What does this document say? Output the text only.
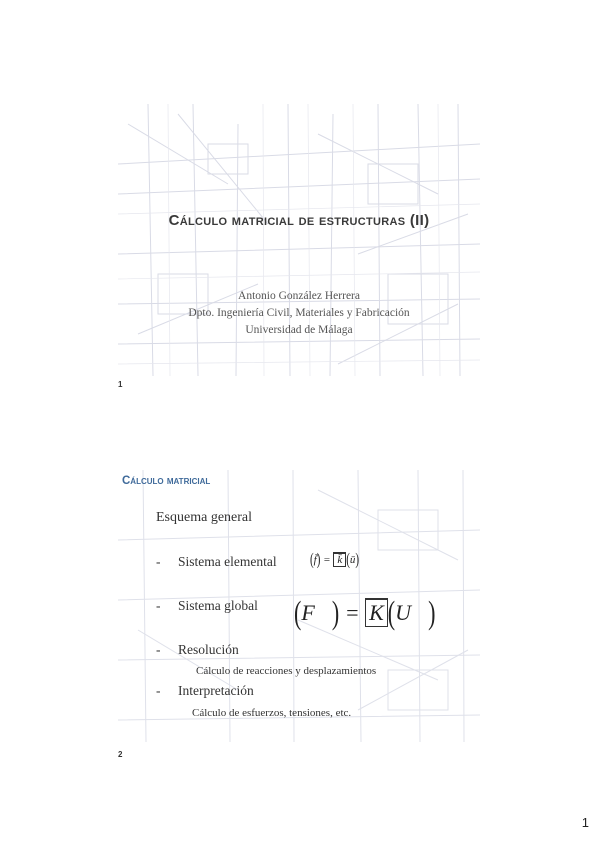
Cálculo matricial de estructuras (II)
Antonio González Herrera
Dpto. Ingeniería Civil, Materiales y Fabricación
Universidad de Málaga
1
Cálculo matricial
Esquema general
- Sistema elemental	(f̄) = k̄ (ū)
- Sistema global (F⃗) = K (U⃗)
- Resolución
Cálculo de reacciones y desplazamientos
- Interpretación
Cálculo de esfuerzos, tensiones, etc.
2
1
